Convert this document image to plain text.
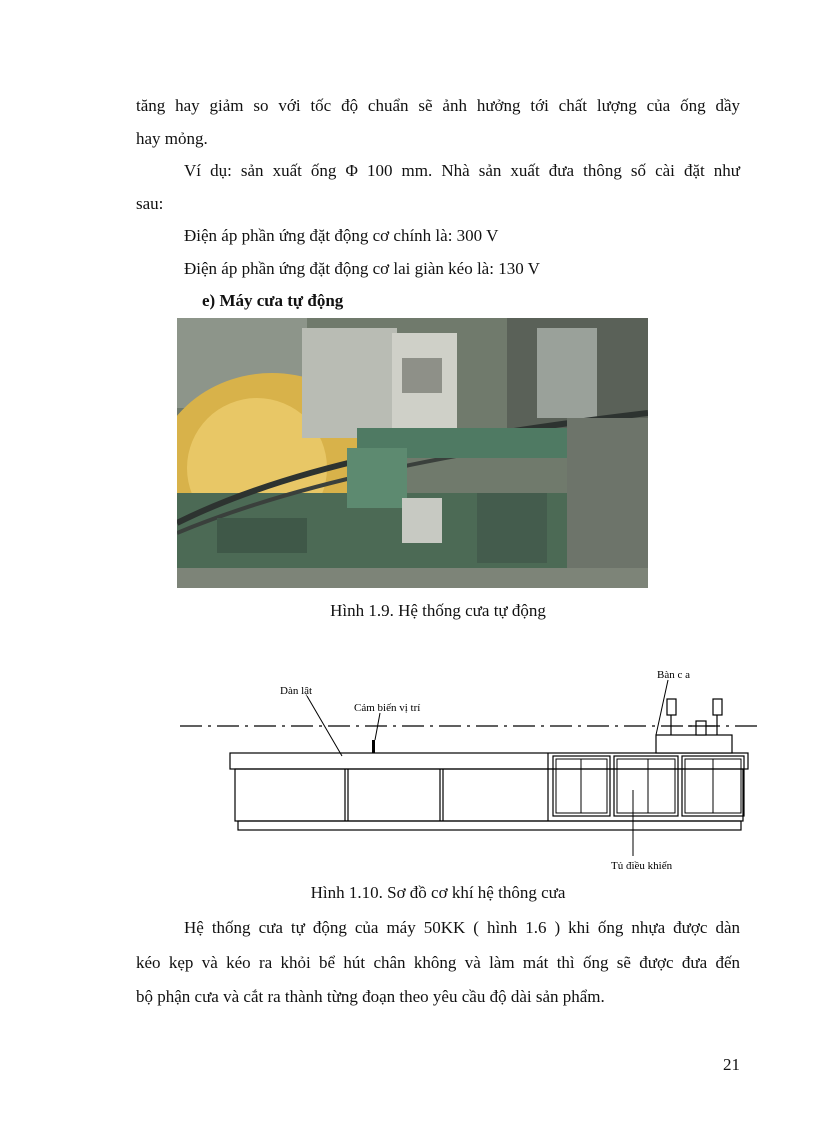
tăng hay giảm so với tốc độ chuẩn sẽ ảnh hưởng tới chất lượng của ống dầy
hay mỏng.
Ví dụ: sản xuất ống Φ 100 mm. Nhà sản xuất đưa thông số cài đặt như
sau:
Điện áp phần ứng đặt động cơ chính là: 300 V
Điện áp phần ứng đặt động cơ lai giàn kéo là: 130 V
e) Máy cưa tự động
Hình 1.9. Hệ thống cưa tự động
Dàn lật
Cảm biến vị trí
Bàn c a
Tủ điều khiển
Hình 1.10. Sơ đồ cơ khí hệ thông cưa
Hệ thống cưa tự động của máy 50KK ( hình 1.6 ) khi ống nhựa được dàn
kéo kẹp và kéo ra khỏi bể hút chân không và làm mát thì ống sẽ được đưa đến
bộ phận cưa và cắt ra thành từng đoạn theo yêu cầu độ dài sản phẩm.
21
